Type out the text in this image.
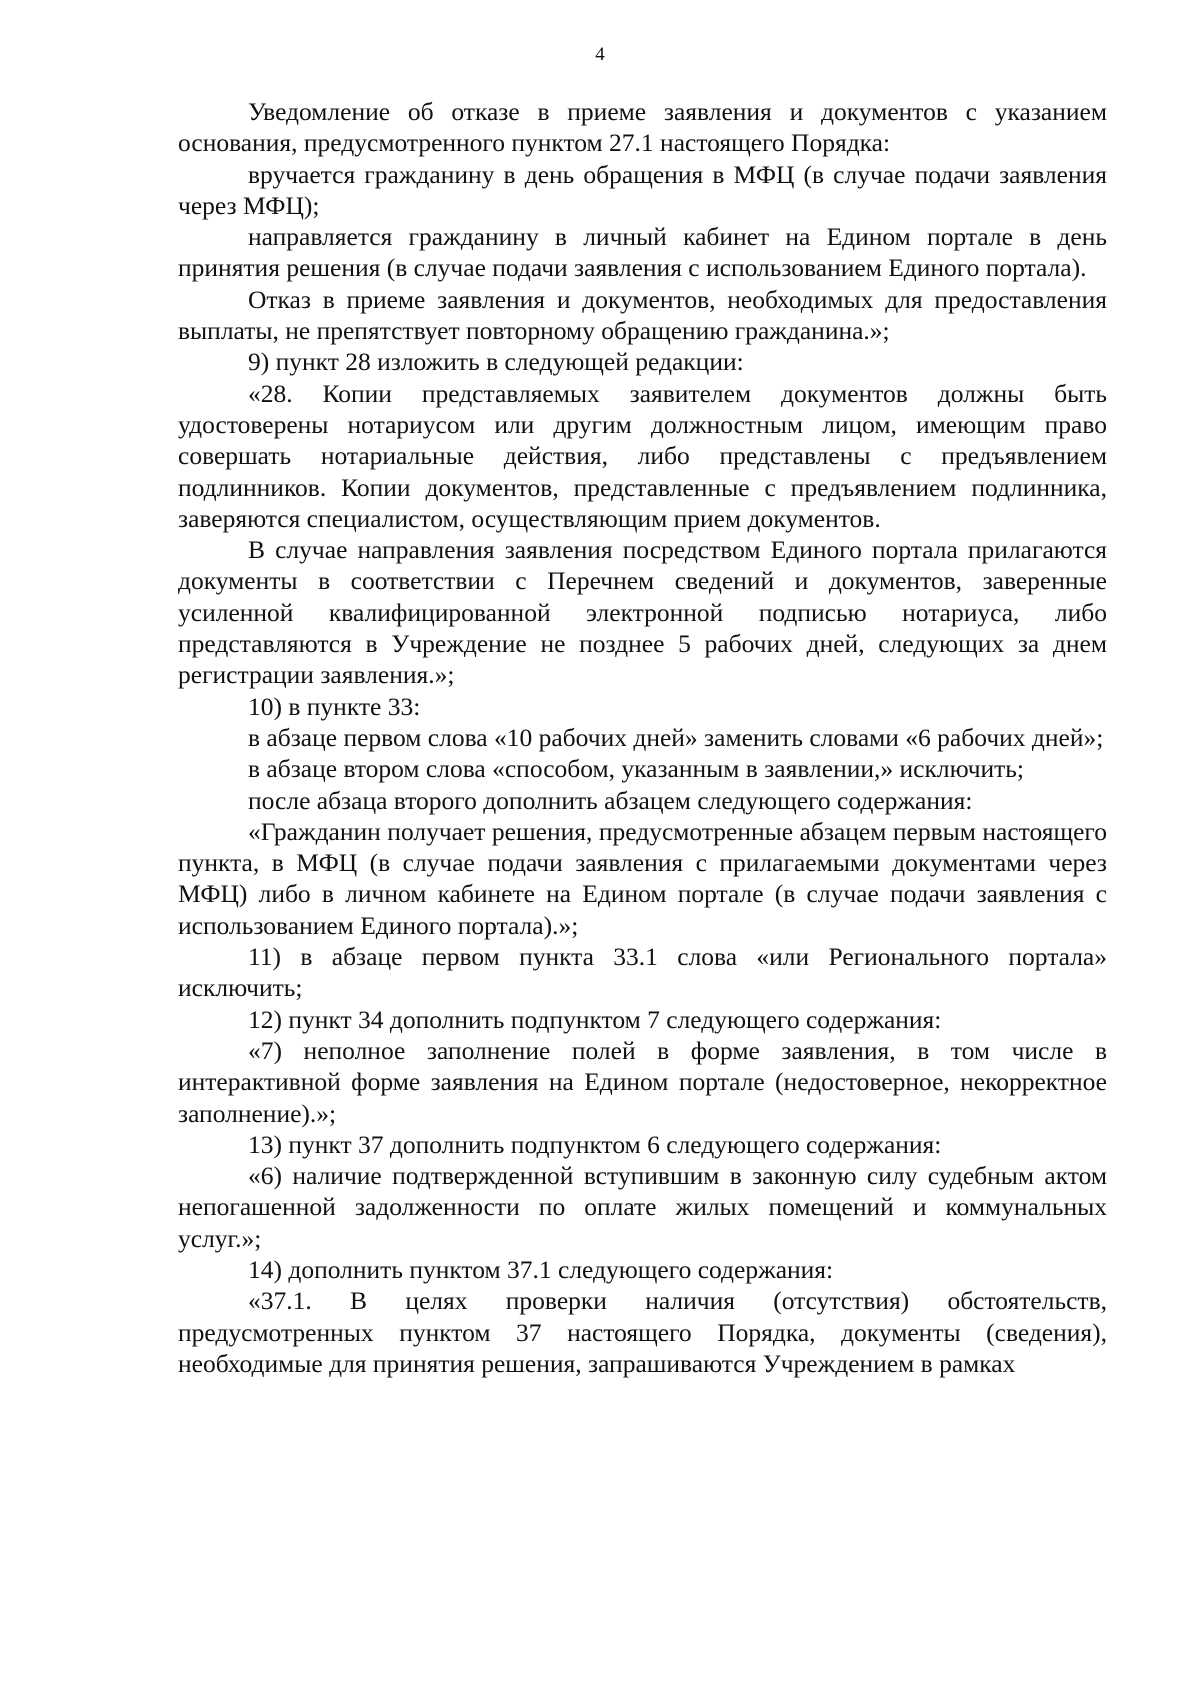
4

Уведомление об отказе в приеме заявления и документов с указанием основания, предусмотренного пунктом 27.1 настоящего Порядка:

вручается гражданину в день обращения в МФЦ (в случае подачи заявления через МФЦ);

направляется гражданину в личный кабинет на Едином портале в день принятия решения (в случае подачи заявления с использованием Единого портала).

Отказ в приеме заявления и документов, необходимых для предоставления выплаты, не препятствует повторному обращению гражданина.»;

9) пункт 28 изложить в следующей редакции:

«28. Копии представляемых заявителем документов должны быть удостоверены нотариусом или другим должностным лицом, имеющим право совершать нотариальные действия, либо представлены с предъявлением подлинников. Копии документов, представленные с предъявлением подлинника, заверяются специалистом, осуществляющим прием документов.

В случае направления заявления посредством Единого портала прилагаются документы в соответствии с Перечнем сведений и документов, заверенные усиленной квалифицированной электронной подписью нотариуса, либо представляются в Учреждение не позднее 5 рабочих дней, следующих за днем регистрации заявления.»;

10) в пункте 33:

в абзаце первом слова «10 рабочих дней» заменить словами «6 рабочих дней»;

в абзаце втором слова «способом, указанным в заявлении,» исключить;

после абзаца второго дополнить абзацем следующего содержания:

«Гражданин получает решения, предусмотренные абзацем первым настоящего пункта, в МФЦ (в случае подачи заявления с прилагаемыми документами через МФЦ) либо в личном кабинете на Едином портале (в случае подачи заявления с использованием Единого портала).»;

11) в абзаце первом пункта 33.1 слова «или Регионального портала» исключить;

12) пункт 34 дополнить подпунктом 7 следующего содержания:

«7) неполное заполнение полей в форме заявления, в том числе в интерактивной форме заявления на Едином портале (недостоверное, некорректное заполнение).»;

13) пункт 37 дополнить подпунктом 6 следующего содержания:

«6) наличие подтвержденной вступившим в законную силу судебным актом непогашенной задолженности по оплате жилых помещений и коммунальных услуг.»;

14) дополнить пунктом 37.1 следующего содержания:

«37.1. В целях проверки наличия (отсутствия) обстоятельств, предусмотренных пунктом 37 настоящего Порядка, документы (сведения), необходимые для принятия решения, запрашиваются Учреждением в рамках
